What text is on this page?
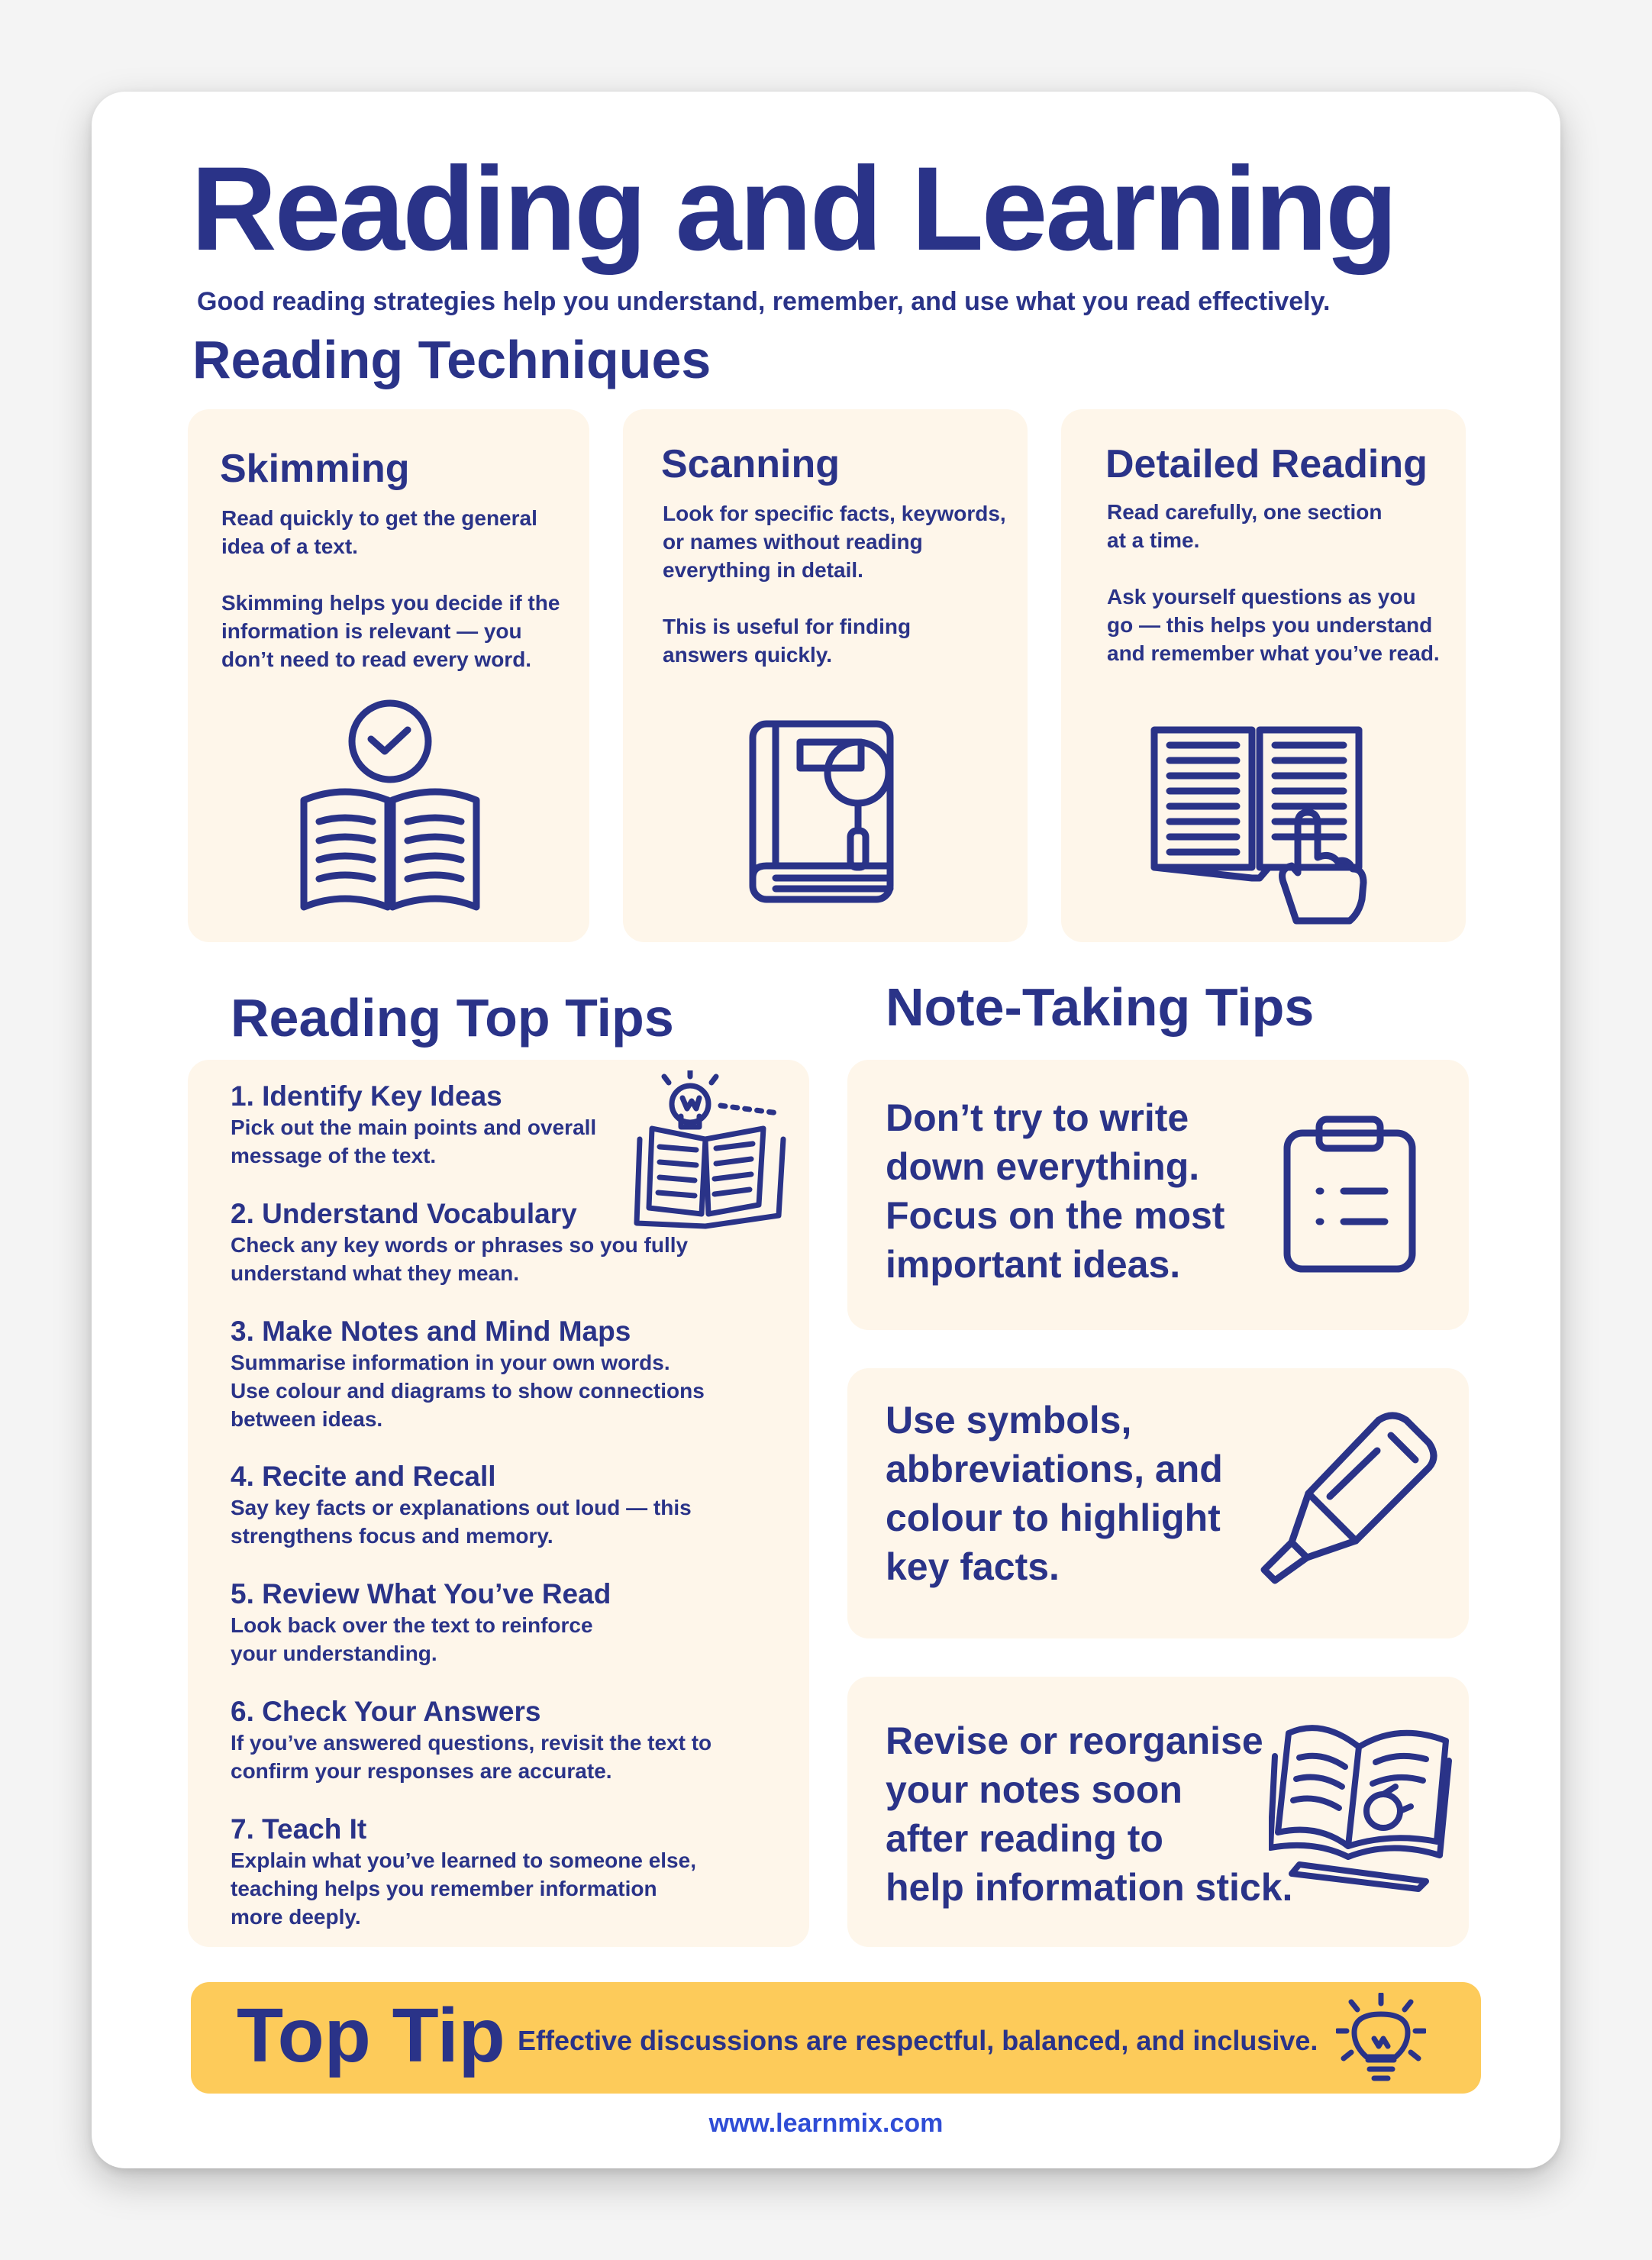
Reading and Learning
Good reading strategies help you understand, remember, and use what you read effectively.
Reading Techniques
Skimming
Read quickly to get the general
idea of a text.

Skimming helps you decide if the
information is relevant — you
don’t need to read every word.
Scanning
Look for specific facts, keywords,
or names without reading
everything in detail.

This is useful for finding
answers quickly.
Detailed Reading
Read carefully, one section
at a time.

Ask yourself questions as you
go — this helps you understand
and remember what you’ve read.
Reading Top Tips
1. Identify Key Ideas
Pick out the main points and overall
message of the text.
2. Understand Vocabulary
Check any key words or phrases so you fully
understand what they mean.
3. Make Notes and Mind Maps
Summarise information in your own words.
Use colour and diagrams to show connections
between ideas.
4. Recite and Recall
Say key facts or explanations out loud — this
strengthens focus and memory.
5. Review What You’ve Read
Look back over the text to reinforce
your understanding.
6. Check Your Answers
If you’ve answered questions, revisit the text to
confirm your responses are accurate.
7. Teach It
Explain what you’ve learned to someone else,
teaching helps you remember information
more deeply.
Note-Taking Tips
Don’t try to write
down everything.
Focus on the most
important ideas.
Use symbols,
abbreviations, and
colour to highlight
key facts.
Revise or reorganise
your notes soon
after reading to
help information stick.
Top Tip Effective discussions are respectful, balanced, and inclusive.
www.learnmix.com
